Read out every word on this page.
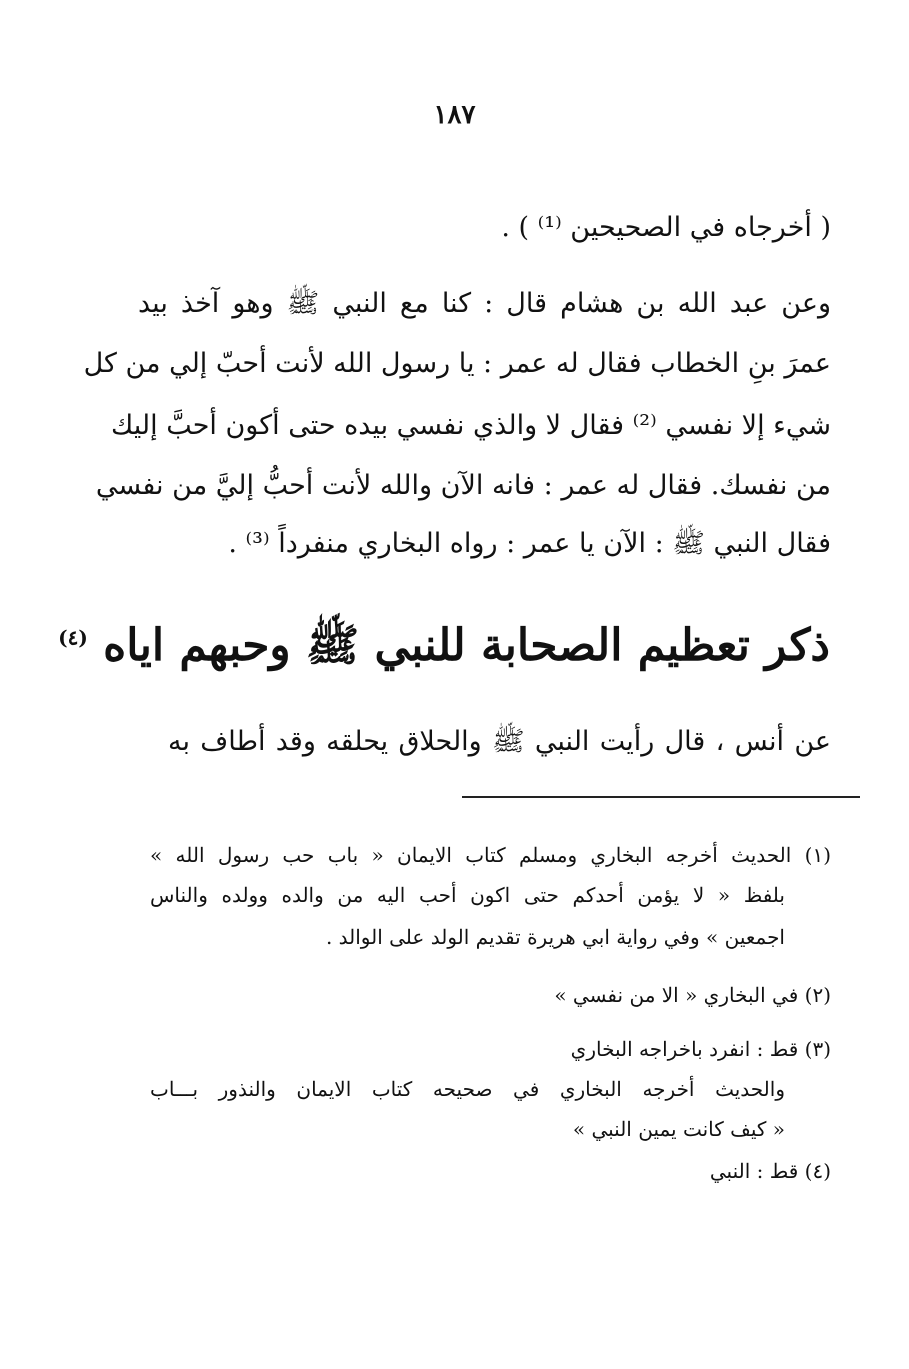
١٨٧
( أخرجاه في الصحيحين ⁽¹⁾ ) .
وعن عبد الله بن هشام قال : كنا مع النبي ﷺ وهو آخذ بيد
عمرَ بنِ الخطاب فقال له عمر : يا رسول الله لأنت أحبّ إلي من كل
شيء إلا نفسي ⁽²⁾ فقال لا والذي نفسي بيده حتى أكون أحبَّ إليك
من نفسك. فقال له عمر : فانه الآن والله لأنت أحبُّ إليَّ من نفسي
فقال النبي ﷺ : الآن يا عمر : رواه البخاري منفرداً ⁽³⁾ .
ذكر تعظيم الصحابة للنبي ﷺ وحبهم اياه $^{(٤)}$
عن أنس ، قال رأيت النبي ﷺ والحلاق يحلقه وقد أطاف به
(١) الحديث أخرجه البخاري ومسلم كتاب الايمان « باب حب رسول الله »
بلفظ « لا يؤمن أحدكم حتى اكون أحب اليه من والده وولده والناس
اجمعين » وفي رواية ابي هريرة تقديم الولد على الوالد .
(٢) في البخاري « الا من نفسي »
(٣) قط : انفرد باخراجه البخاري
والحديث أخرجه البخاري في صحيحه كتاب الايمان والنذور بـــاب
« كيف كانت يمين النبي »
(٤) قط : النبي
